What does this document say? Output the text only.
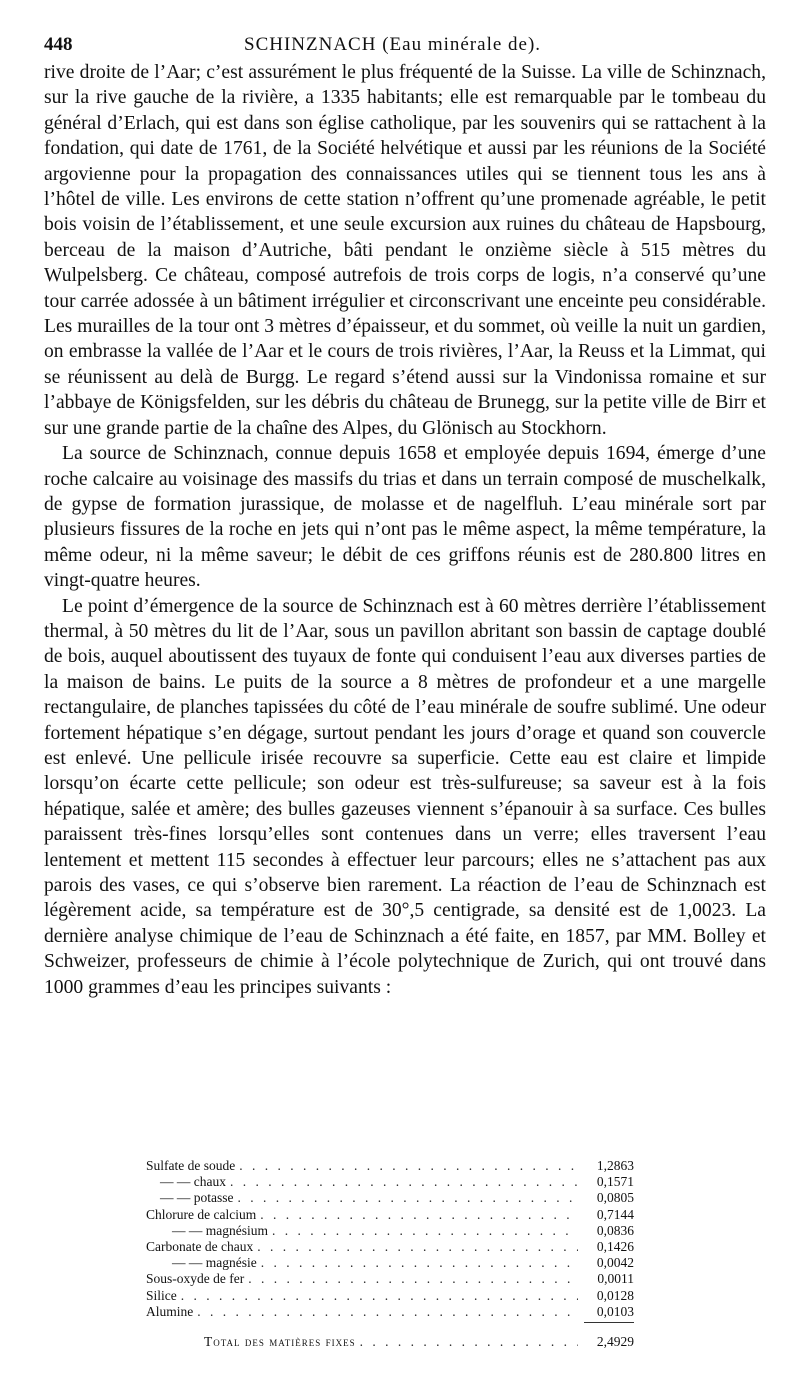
448	SCHINZNACH (Eau minérale de).

rive droite de l’Aar; c’est assurément le plus fréquenté de la Suisse. La ville de Schinznach, sur la rive gauche de la rivière, a 1335 habitants; elle est remarquable par le tombeau du général d’Erlach, qui est dans son église catholique, par les souvenirs qui se rattachent à la fondation, qui date de 1761, de la Société helvétique et aussi par les réunions de la Société argovienne pour la propagation des connaissances utiles qui se tiennent tous les ans à l’hôtel de ville. Les environs de cette station n’offrent qu’une promenade agréable, le petit bois voisin de l’établissement, et une seule excursion aux ruines du château de Hapsbourg, berceau de la maison d’Autriche, bâti pendant le onzième siècle à 515 mètres du Wulpelsberg. Ce château, composé autrefois de trois corps de logis, n’a conservé qu’une tour carrée adossée à un bâtiment irrégulier et circonscrivant une enceinte peu considérable. Les murailles de la tour ont 3 mètres d’épaisseur, et du sommet, où veille la nuit un gardien, on embrasse la vallée de l’Aar et le cours de trois rivières, l’Aar, la Reuss et la Limmat, qui se réunissent au delà de Burgg. Le regard s’étend aussi sur la Vindonissa romaine et sur l’abbaye de Königsfelden, sur les débris du château de Brunegg, sur la petite ville de Birr et sur une grande partie de la chaîne des Alpes, du Glönisch au Stockhorn.

La source de Schinznach, connue depuis 1658 et employée depuis 1694, émerge d’une roche calcaire au voisinage des massifs du trias et dans un terrain composé de muschelkalk, de gypse de formation jurassique, de molasse et de nagelfluh. L’eau minérale sort par plusieurs fissures de la roche en jets qui n’ont pas le même aspect, la même température, la même odeur, ni la même saveur; le débit de ces griffons réunis est de 280.800 litres en vingt-quatre heures.

Le point d’émergence de la source de Schinznach est à 60 mètres derrière l’établissement thermal, à 50 mètres du lit de l’Aar, sous un pavillon abritant son bassin de captage doublé de bois, auquel aboutissent des tuyaux de fonte qui conduisent l’eau aux diverses parties de la maison de bains. Le puits de la source a 8 mètres de profondeur et a une margelle rectangulaire, de planches tapissées du côté de l’eau minérale de soufre sublimé. Une odeur fortement hépatique s’en dégage, surtout pendant les jours d’orage et quand son couvercle est enlevé. Une pellicule irisée recouvre sa superficie. Cette eau est claire et limpide lorsqu’on écarte cette pellicule; son odeur est très-sulfureuse; sa saveur est à la fois hépatique, salée et amère; des bulles gazeuses viennent s’épanouir à sa surface. Ces bulles paraissent très-fines lorsqu’elles sont contenues dans un verre; elles traversent l’eau lentement et mettent 115 secondes à effectuer leur parcours; elles ne s’attachent pas aux parois des vases, ce qui s’observe bien rarement. La réaction de l’eau de Schinznach est légèrement acide, sa température est de 30°,5 centigrade, sa densité est de 1,0023. La dernière analyse chimique de l’eau de Schinznach a été faite, en 1857, par MM. Bolley et Schweizer, professeurs de chimie à l’école polytechnique de Zurich, qui ont trouvé dans 1000 grammes d’eau les principes suivants :

Sulfate de soude . . .	1,2863
— — chaux . . .	0,1571
— — potasse . . .	0,0805
Chlorure de calcium . . .	0,7144
— — magnésium . . .	0,0836
Carbonate de chaux . . .	0,1426
— — magnésie . . .	0,0042
Sous-oxyde de fer . . .	0,0011
Silice . . .	0,0128
Alumine . . .	0,0103
Total des matières fixes . . .	2,4929
